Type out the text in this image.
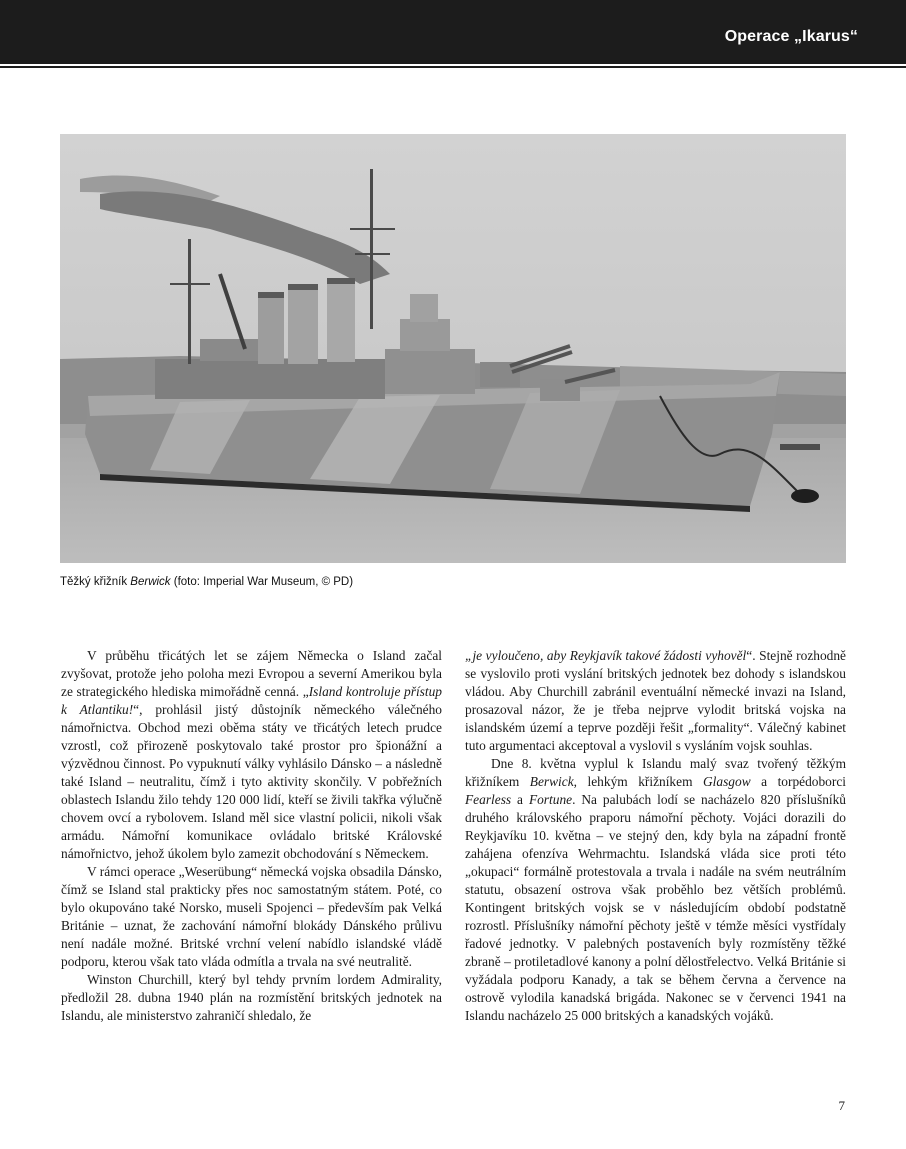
Operace „Ikarus“
Těžký křižník Berwick (foto: Imperial War Museum, © PD)

V průběhu třicátých let se zájem Německa o Island začal zvyšovat, protože jeho poloha mezi Evropou a severní Amerikou byla ze strategického hlediska mimořádně cenná. „Island kontroluje přístup k Atlantiku!“, prohlásil jistý důstojník německého válečného námořnictva. Obchod mezi oběma státy ve třicátých letech prudce vzrostl, což přirozeně poskytovalo také prostor pro špionážní a výzvědnou činnost. Po vypuknutí války vyhlásilo Dánsko – a následně také Island – neutralitu, čímž i tyto aktivity skončily. V pobřežních oblastech Islandu žilo tehdy 120 000 lidí, kteří se živili takřka výlučně chovem ovcí a rybolovem. Island měl sice vlastní policii, nikoli však armádu. Námořní komunikace ovládalo britské Královské námořnictvo, jehož úkolem bylo zamezit obchodování s Německem.

V rámci operace „Weserübung“ německá vojska obsadila Dánsko, čímž se Island stal prakticky přes noc samostatným státem. Poté, co bylo okupováno také Norsko, museli Spojenci – především pak Velká Británie – uznat, že zachování námořní blokády Dánského průlivu není nadále možné. Britské vrchní velení nabídlo islandské vládě podporu, kterou však tato vláda odmítla a trvala na své neutralitě.

Winston Churchill, který byl tehdy prvním lordem Admirality, předložil 28. dubna 1940 plán na rozmístění britských jednotek na Islandu, ale ministerstvo zahraničí shledalo, že

„je vyloučeno, aby Reykjavík takové žádosti vyhověl“. Stejně rozhodně se vyslovilo proti vyslání britských jednotek bez dohody s islandskou vládou. Aby Churchill zabránil eventuální německé invazi na Island, prosazoval názor, že je třeba nejprve vylodit britská vojska na islandském území a teprve později řešit „formality“. Válečný kabinet tuto argumentaci akceptoval a vyslovil s vysláním vojsk souhlas.

Dne 8. května vyplul k Islandu malý svaz tvořený těžkým křižníkem Berwick, lehkým křižníkem Glasgow a torpédoborci Fearless a Fortune. Na palubách lodí se nacházelo 820 příslušníků druhého královského praporu námořní pěchoty. Vojáci dorazili do Reykjavíku 10. května – ve stejný den, kdy byla na západní frontě zahájena ofenzíva Wehrmachtu. Islandská vláda sice proti této „okupaci“ formálně protestovala a trvala i nadále na svém neutrálním statutu, obsazení ostrova však proběhlo bez větších problémů. Kontingent britských vojsk se v následujícím období podstatně rozrostl. Příslušníky námořní pěchoty ještě v témže měsíci vystřídaly řadové jednotky. V palebných postaveních byly rozmístěny těžké zbraně – protiletadlové kanony a polní dělostřelectvo. Velká Británie si vyžádala podporu Kanady, a tak se během června a července na ostrově vylodila kanadská brigáda. Nakonec se v červenci 1941 na Islandu nacházelo 25 000 britských a kanadských vojáků.

7
